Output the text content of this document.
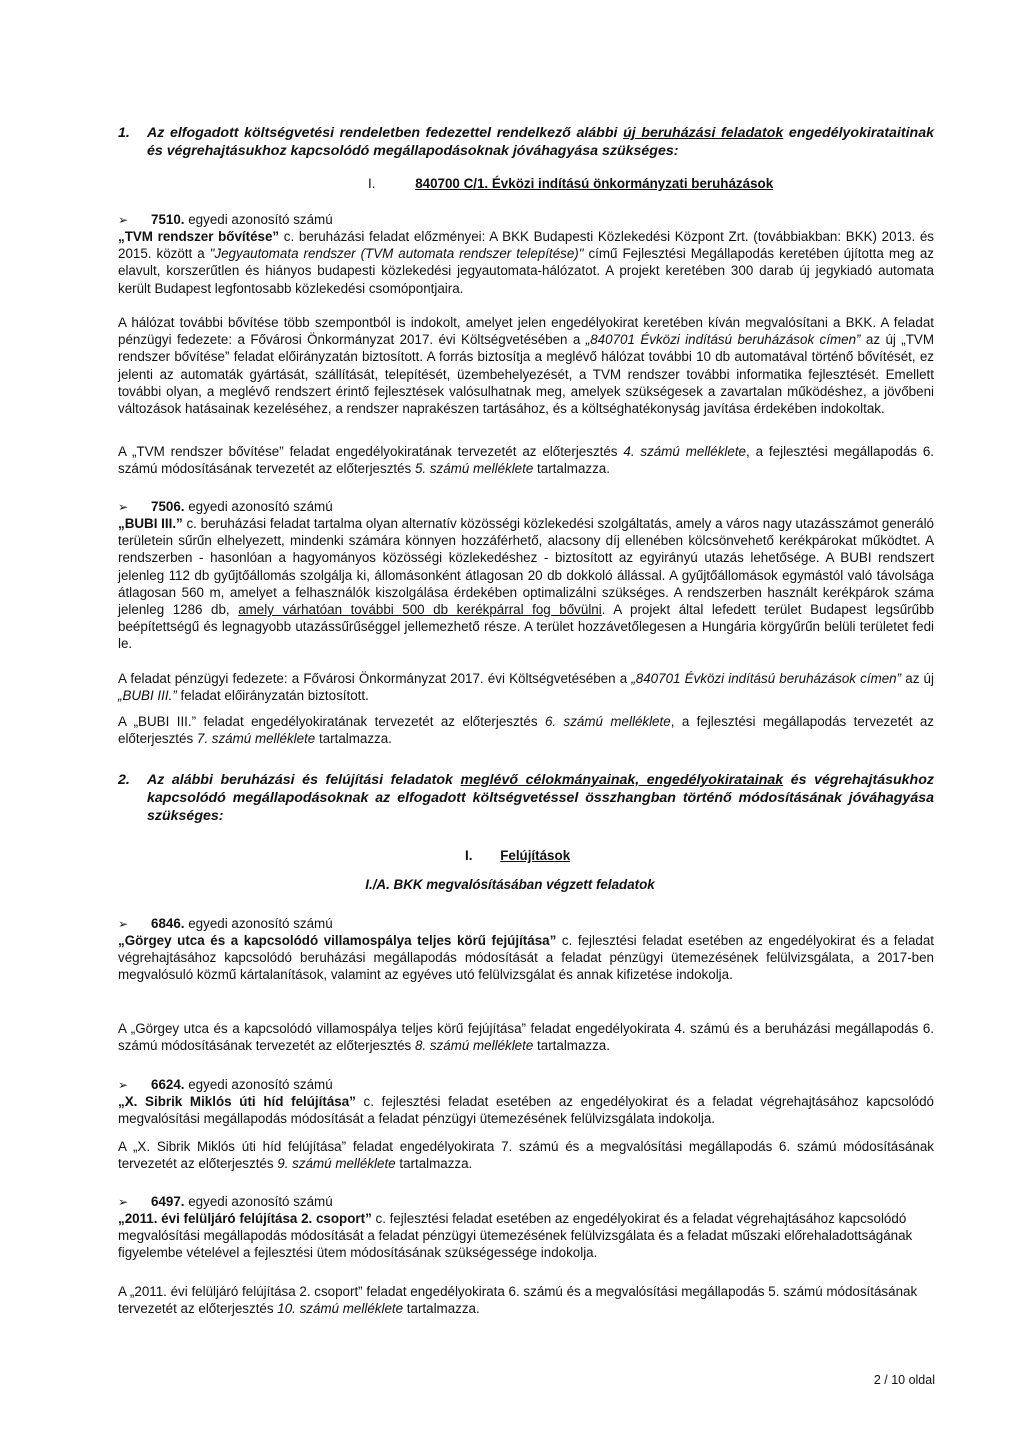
1. Az elfogadott költségvetési rendeletben fedezettel rendelkező alábbi új beruházási feladatok engedélyokirataitinak és végrehajtásukhoz kapcsolódó megállapodásoknak jóváhagyása szükséges:

I.	840700 C/1. Évközi indítású önkormányzati beruházások
➢ 7510. egyedi azonosító számú

„TVM rendszer bővítése” c. beruházási feladat előzményei: A BKK Budapesti Közlekedési Központ Zrt. (továbbiakban: BKK) 2013. és 2015. között a "Jegyautomata rendszer (TVM automata rendszer telepítése)" című Fejlesztési Megállapodás keretében újította meg az elavult, korszerűtlen és hiányos budapesti közlekedési jegyautomata-hálózatot. A projekt keretében 300 darab új jegykiadó automata került Budapest legfontosabb közlekedési csomópontjaira.

A hálózat további bővítése több szempontból is indokolt, amelyet jelen engedélyokirat keretében kíván megvalósítani a BKK. A feladat pénzügyi fedezete: a Fővárosi Önkormányzat 2017. évi Költségvetésében a „840701 Évközi indítású beruházások címen” az új „TVM rendszer bővítése” feladat előirányzatán biztosított. A forrás biztosítja a meglévő hálózat további 10 db automatával történő bővítését, ez jelenti az automaták gyártását, szállítását, telepítését, üzembehelyezését, a TVM rendszer további informatika fejlesztését. Emellett további olyan, a meglévő rendszert érintő fejlesztések valósulhatnak meg, amelyek szükségesek a zavartalan működéshez, a jövőbeni változások hatásainak kezeléséhez, a rendszer naprakészen tartásához, és a költséghatékonyság javítása érdekében indokoltak.

A „TVM rendszer bővítése” feladat engedélyokiratának tervezetét az előterjesztés 4. számú melléklete, a fejlesztési megállapodás 6. számú módosításának tervezetét az előterjesztés 5. számú melléklete tartalmazza.

➢ 7506. egyedi azonosító számú

„BUBI III.” c. beruházási feladat tartalma olyan alternatív közösségi közlekedési szolgáltatás, amely a város nagy utazásszámot generáló területein sűrűn elhelyezett, mindenki számára könnyen hozzáférhető, alacsony díj ellenében kölcsönvehető kerékpárokat működtet. A rendszerben - hasonlóan a hagyományos közösségi közlekedéshez - biztosított az egyirányú utazás lehetősége. A BUBI rendszert jelenleg 112 db gyűjtőállomás szolgálja ki, állomásonként átlagosan 20 db dokkoló állással. A gyűjtőállomások egymástól való távolsága átlagosan 560 m, amelyet a felhasználók kiszolgálása érdekében optimalizálni szükséges. A rendszerben használt kerékpárok száma jelenleg 1286 db, amely várhatóan további 500 db kerékpárral fog bővülni. A projekt által lefedett terület Budapest legsűrűbb beépítettségű és legnagyobb utazássűrűséggel jellemezhető része. A terület hozzávetőlegesen a Hungária körgyűrűn belüli területet fedi le.

A feladat pénzügyi fedezete: a Fővárosi Önkormányzat 2017. évi Költségvetésében a „840701 Évközi indítású beruházások címen” az új „BUBI III.” feladat előirányzatán biztosított.

A „BUBI III.” feladat engedélyokiratának tervezetét az előterjesztés 6. számú melléklete, a fejlesztési megállapodás tervezetét az előterjesztés 7. számú melléklete tartalmazza.

2. Az alábbi beruházási és felújítási feladatok meglévő célokmányainak, engedélyokiratainak és végrehajtásukhoz kapcsolódó megállapodásoknak az elfogadott költségvetéssel összhangban történő módosításának jóváhagyása szükséges:

I. Felújítások
I./A. BKK megvalósításában végzett feladatok
➢ 6846. egyedi azonosító számú

„Görgey utca és a kapcsolódó villamospálya teljes körű fejújítása” c. fejlesztési feladat esetében az engedélyokirat és a feladat végrehajtásához kapcsolódó beruházási megállapodás módosítását a feladat pénzügyi ütemezésének felülvizsgálata, a 2017-ben megvalósuló közmű kártalanítások, valamint az egyéves utó felülvizsgálat és annak kifizetése indokolja.

A „Görgey utca és a kapcsolódó villamospálya teljes körű fejújítása” feladat engedélyokirata 4. számú és a beruházási megállapodás 6. számú módosításának tervezetét az előterjesztés 8. számú melléklete tartalmazza.

➢ 6624. egyedi azonosító számú

„X. Sibrik Miklós úti híd felújítása” c. fejlesztési feladat esetében az engedélyokirat és a feladat végrehajtásához kapcsolódó megvalósítási megállapodás módosítását a feladat pénzügyi ütemezésének felülvizsgálata indokolja.

A „X. Sibrik Miklós úti híd felújítása” feladat engedélyokirata 7. számú és a megvalósítási megállapodás 6. számú módosításának tervezetét az előterjesztés 9. számú melléklete tartalmazza.

➢ 6497. egyedi azonosító számú

„2011. évi felüljáró felújítása 2. csoport” c. fejlesztési feladat esetében az engedélyokirat és a feladat végrehajtásához kapcsolódó megvalósítási megállapodás módosítását a feladat pénzügyi ütemezésének felülvizsgálata és a feladat műszaki előrehaladottságának figyelembe vételével a fejlesztési ütem módosításának szükségessége indokolja.

A „2011. évi felüljáró felújítása 2. csoport” feladat engedélyokirata 6. számú és a megvalósítási megállapodás 5. számú módosításának tervezetét az előterjesztés 10. számú melléklete tartalmazza.

2 / 10 oldal
